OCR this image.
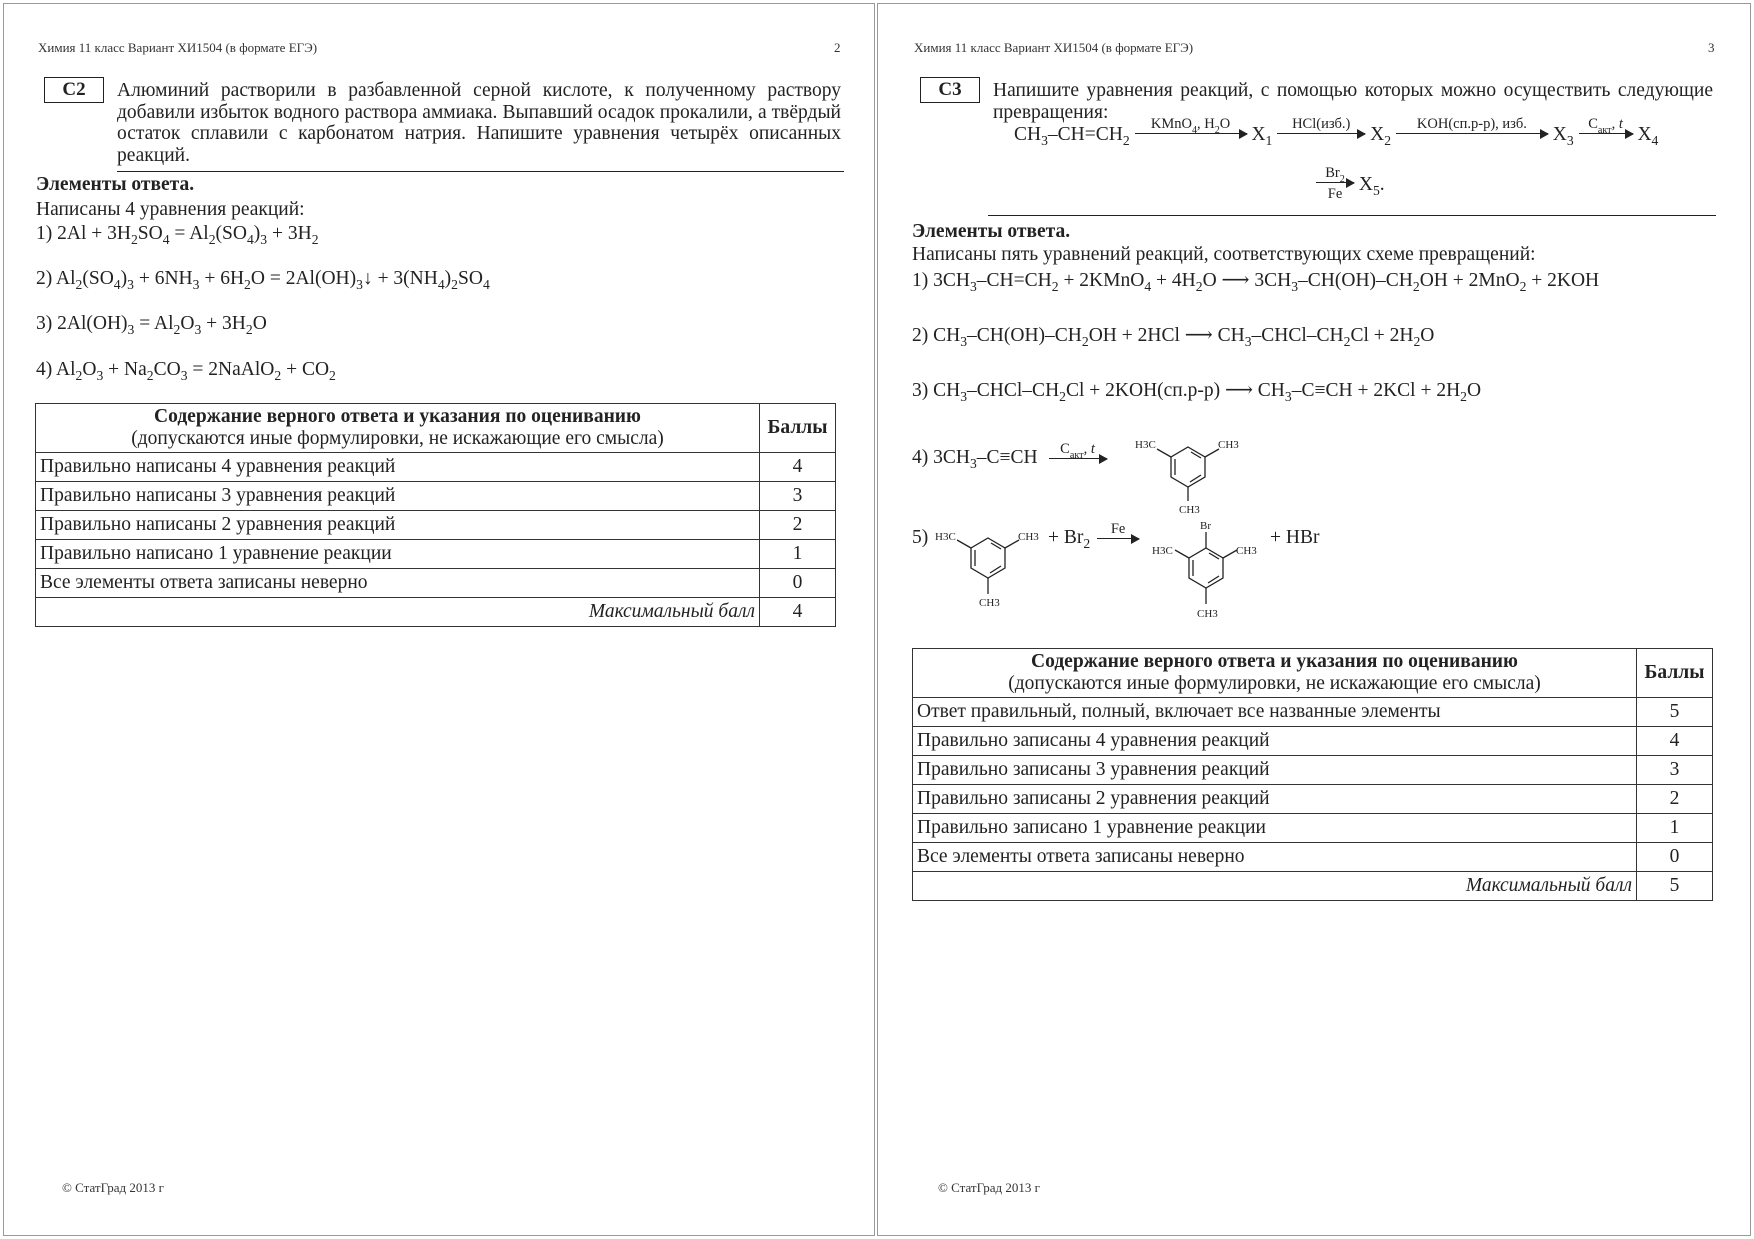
Химия 11 класс Вариант ХИ1504 (в формате ЕГЭ)	2
С2	Алюминий растворили в разбавленной серной кислоте, к полученному раствору добавили избыток водного раствора аммиака. Выпавший осадок прокалили, а твёрдый остаток сплавили с карбонатом натрия. Напишите уравнения четырёх описанных реакций.
Элементы ответа.
Написаны 4 уравнения реакций:
1) $2Al + 3H_2SO_4 = Al_2(SO_4)_3 + 3H_2$
2) $Al_2(SO_4)_3 + 6NH_3 + 6H_2O$ = $2Al(OH)_3↓ + 3(NH_4)_2SO_4$
3) $2Al(OH)_3 = Al_2O_3 + 3H_2O$
4) $Al_2O_3 + Na_2CO_3$ = 2NaAlO$_2$ + $CO_2$
Содержание верного ответа и указания по оцениванию
(допускаются иные формулировки, не искажающие его смысла)	Баллы
Правильно написаны 4 уравнения реакций	4
Правильно написаны 3 уравнения реакций	3
Правильно написаны 2 уравнения реакций	2
Правильно написано 1 уравнение реакции	1
Все элементы ответа записаны неверно	0
Максимальный балл	4
© СтатГрад 2013 г
Химия 11 класс Вариант ХИ1504 (в формате ЕГЭ)	3
С3	Напишите уравнения реакций, с помощью которых можно осуществить следующие превращения:
$CH_3-CH=CH_2$
KMnO$_4$, $H_2O$ $X_1$
HCl(изб.) $X_2$
KOH(сп.р-р), изб.	$X_3$
$C_{акт}$, t $X_4$
$\frac{Br_2}{Fe} X_5$.
Элементы ответа.
Написаны пять уравнений реакций, соответствующих схеме превращений:
1) $3CH_3-CH=CH_2$ + 2KMnO$_4$ + $4H_2O$ ⟶ $3CH_3-CH(OH)-CH_2OH + 2MnO_2 + 2KOH$
2) $CH_3-CH(OH)-CH_2OH + 2HCl$ ⟶ $CH_3-CHCl-CH_2Cl + 2H_2O$
3) $CH_3-CHCl-CH_2Cl + 2KOH(сп.р-р)$ ⟶ $CH_3-C\equiv CH + 2KCl + 2H_2O$
4) $3CH_3-C\equiv CH$	$C_{акт}$, t	H3C	CH3
CH3
5) H3C	CH3
CH3
+ $Br_2$
Fe	Br
H3C	CH3
CH3
+ HBr
Содержание верного ответа и указания по оцениванию
(допускаются иные формулировки, не искажающие его смысла)	Баллы
Ответ правильный, полный, включает все названные элементы	5
Правильно записаны 4 уравнения реакций	4
Правильно записаны 3 уравнения реакций	3
Правильно записаны 2 уравнения реакций	2
Правильно записано 1 уравнение реакции	1
Все элементы ответа записаны неверно	0
Максимальный балл	5
© СтатГрад 2013 г
